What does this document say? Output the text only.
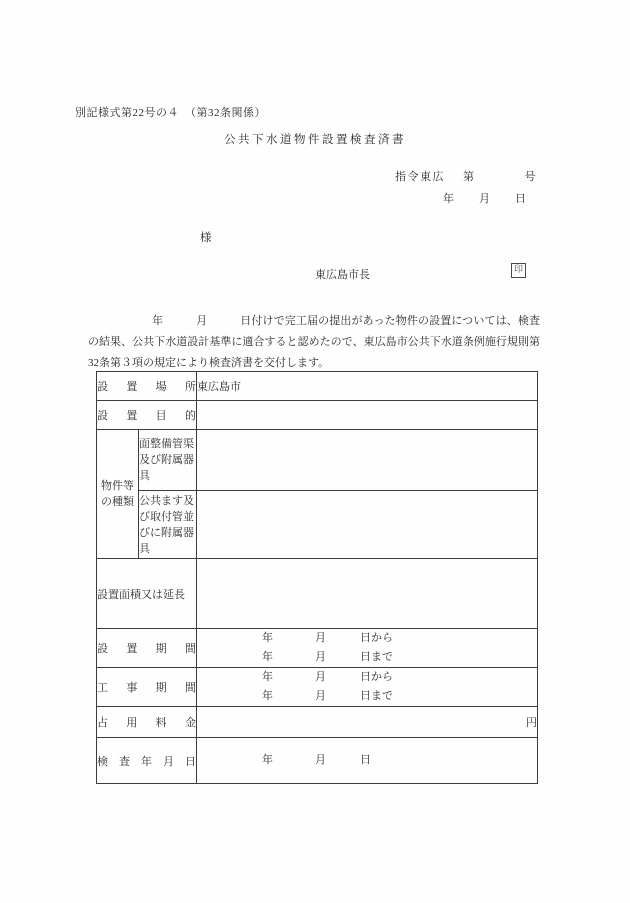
別記様式第22号の４　（第32条関係）
公共下水道物件設置検査済書
指令東広 第	号
年 月 日
様
東広島市長	印
年	月	日付けで完工届の提出があった物件の設置については、検査の結果、公共下水道設計基準に適合すると認めたので、東広島市公共下水道条例施行規則第32条第３項の規定により検査済書を交付します。
設置場所		東広島市
設置目的		
物件等の種類	面整備管渠及び附属器具	
	公共ます及び取付管並びに附属器具	
設置面積又は延長		
設置期間	
年	月	日から
年	月	日まで

工事期間	
年	月	日から
年	月	日まで

占用料金		円
検査年月日		年 月 日
